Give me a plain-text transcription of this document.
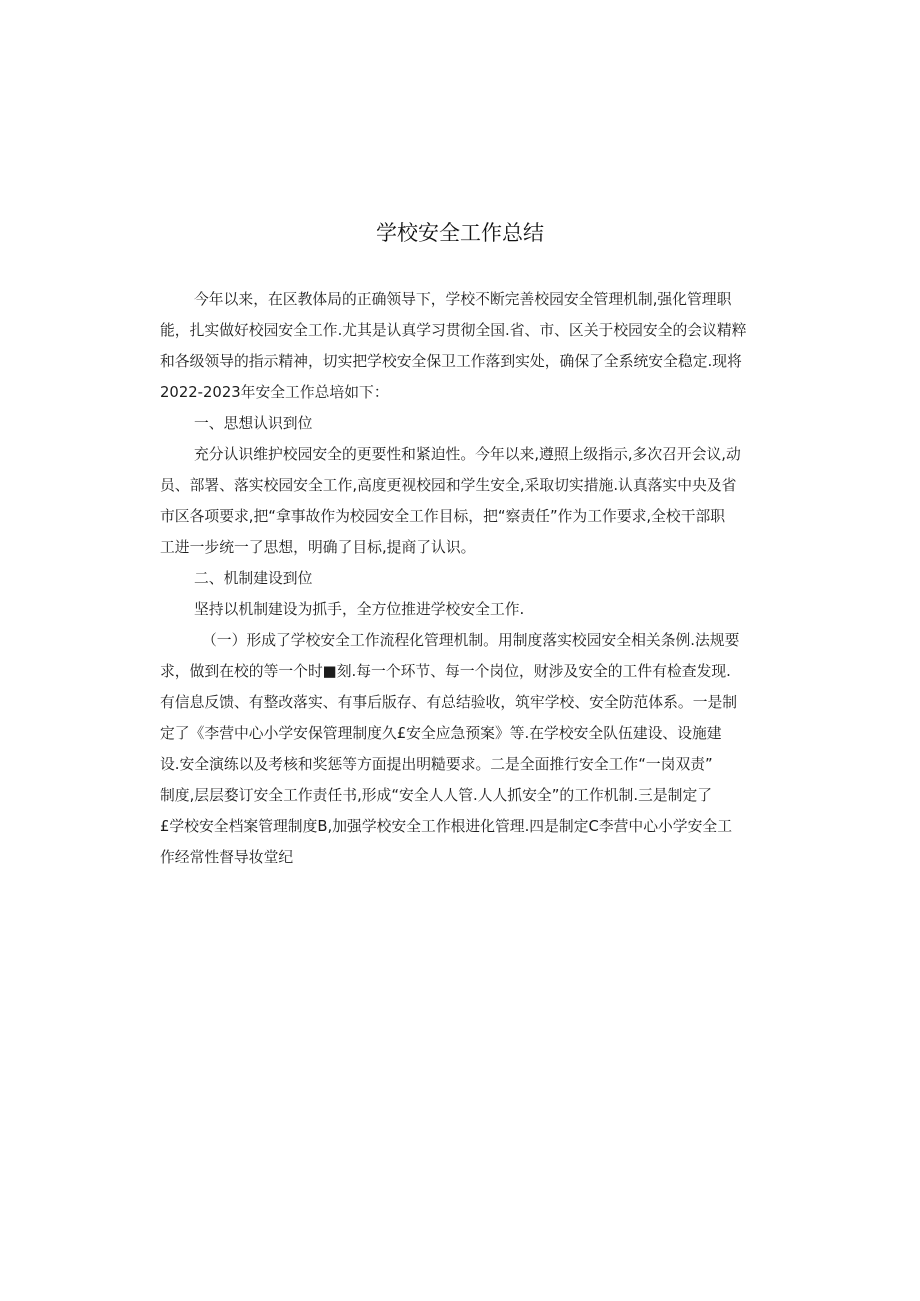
学校安全工作总结
今年以来，在区教体局的正确领导下，学校不断完善校园安全管理机制,强化管理职
能，扎实做好校园安全工作.尤其是认真学习贯彻全国.省、市、区关于校园安全的会议精粹
和各级领导的指示精神，切实把学校安全保卫工作落到实处，确保了全系统安全稳定.现将
2022-2023年安全工作总培如下：
一、思想认识到位
充分认识维护校园安全的更要性和紧迫性。今年以来,遵照上级指示,多次召开会议,动
员、部署、落实校园安全工作,高度更视校园和学生安全,采取切实措施.认真落实中央及省
市区各项要求,把“拿事故作为校园安全工作目标，把“察责任”作为工作要求,全校干部职
工进一步统一了思想，明确了目标,提商了认识。
二、机制建设到位
坚持以机制建设为抓手，全方位推进学校安全工作.
（一）形成了学校安全工作流程化管理机制。用制度落实校园安全相关条例.法规要
求，做到在校的等一个时■刻.每一个环节、每一个岗位，财涉及安全的工件有检查发现.
有信息反馈、有整改落实、有事后版存、有总结验收，筑牢学校、安全防范体系。一是制
定了《李营中心小学安保管理制度久£安全应急预案》等.在学校安全队伍建设、设施建
设.安全演练以及考核和奖惩等方面提出明糙要求。二是全面推行安全工作“一岗双责”
制度,层层婺订安全工作责任书,形成“安全人人管.人人抓安全”的工作机制.三是制定了
£学校安全档案管理制度B,加强学校安全工作根进化管理.四是制定C李营中心小学安全工
作经常性督导妆堂纪
